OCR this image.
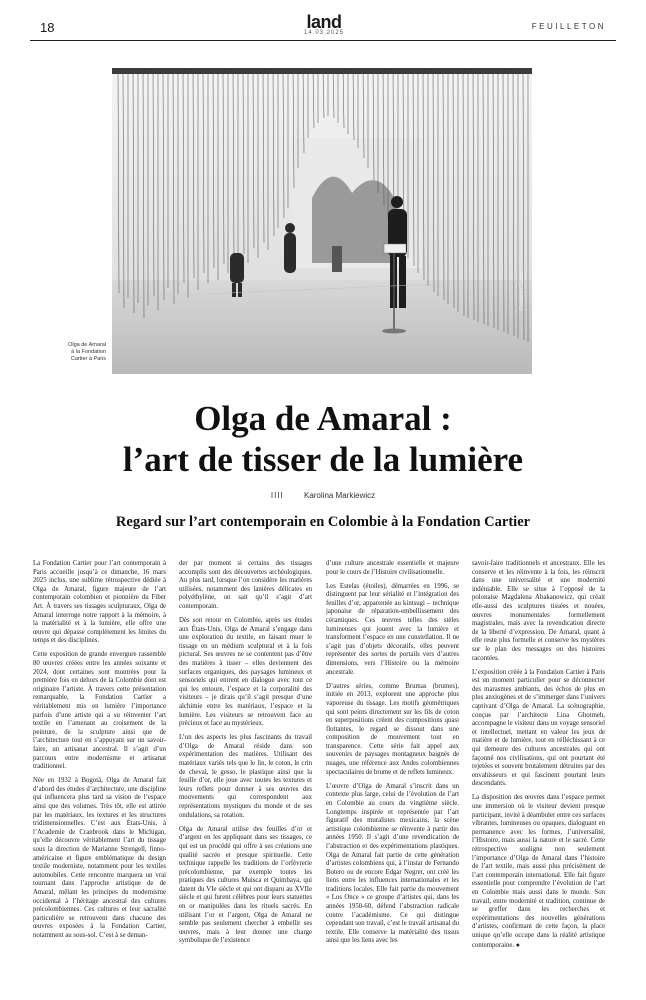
18	land
14.03.2025
FEUILLETON
Fondation Cartier
Olga de Amaral à la Fondation Cartier à Paris
Olga de Amaral :
l’art de tisser de la lumière
IIII	Karolina Markiewicz
Regard sur l’art contemporain en Colombie à la Fondation Cartier

La Fondation Cartier pour l’art contemporain à Paris accueille jusqu’à ce dimanche, 16 mars 2025 inclus, une sublime rétrospective dédiée à Olga de Amaral, figure majeure de l’art contemporain colombien et pionnière du Fiber Art. À travers ses tissages sculpturaux, Olga de Amaral interroge notre rapport à la mémoire, à la matérialité et à la lumière, elle offre une œuvre qui dépasse complètement les limites du temps et des disciplines.

Cette exposition de grande envergure rassemble 80 œuvres créées entre les années soixante et 2024, dont certaines sont montrées pour la première fois en dehors de la Colombie dont est originaire l’artiste. À travers cette présentation remarquable, la Fondation Cartier a véritablement mis en lumière l’importance parfois d’une artiste qui a su réinventer l’art textile en l’amenant au croisement de la peinture, de la sculpture ainsi que de l’architecture tout en s’appuyant sur un savoir-faire, un artisanat ancestral. Il s’agit d’un parcours entre modernisme et artisanat traditionnel.

Née en 1932 à Bogotá, Olga de Amaral fait d’abord des études d’architecture, une discipline qui influencera plus tard sa vision de l’espace ainsi que des volumes. Très tôt, elle est attirée par les matériaux, les textures et les structures tridimensionnelles. C’est aux États-Unis, à l’Academie de Cranbrook dans le Michigan, qu’elle découvre véritablement l’art du tissage sous la direction de Marianne Strengell, finno-américaine et figure emblématique du design textile moderniste, notamment pour les textiles automobiles. Cette rencontre marquera un vrai tournant dans l’approche artistique de de Amaral, mêlant les principes du modernisme occidental à l’héritage ancestral des cultures précolombiennes. Ces cultures et leur sacralité particulière se retrouvent dans chacune des œuvres exposées à la Fondation Cartier, notamment au sous-sol. C’est à se deman-

der par moment si certains des tissages accomplis sont des découvertes archéologiques. Au plus tard, lorsque l’on considère les matières utilisées, notamment des lanières délicates en polyéthylène, on sait qu’il s’agit d’art contemporain.

Dès son retour en Colombie, après ses études aux États-Unis, Olga de Amaral s’engage dans une exploration du textile, en faisant muer le tissage en un médium sculptural et à la fois pictural. Ses œuvres ne se contentent pas d’être des matières à tisser – elles deviennent des surfaces organiques, des paysages lumineux et sensoriels qui entrent en dialogue avec tout ce qui les entoure, l’espace et la corporalité des visiteurs – je dirais qu’il s’agit presque d’une alchimie entre les matériaux, l’espace et la lumière. Les visiteurs se retrouvent face au précieux et face au mystérieux.

L’un des aspects les plus fascinants du travail d’Olga de Amaral réside dans son expérimentation des matières. Utilisant des matériaux variés tels que le lin, le coton, le crin de cheval, le gesso, le plastique ainsi que la feuille d’or, elle joue avec toutes les textures et leurs reflets pour donner à ses œuvres des mouvements qui correspondent aux représentations mystiques du monde et de ses ondulations, sa rotation.

Olga de Amaral utilise des feuilles d’or et d’argent en les appliquant dans ses tissages, ce qui est un procédé qui offre à ses créations une qualité sacrée et presque spirituelle. Cette technique rappelle les traditions de l’orfèvrerie précolombienne, par exemple toutes les pratiques des cultures Muisca et Quimbaya, qui datent du VIe siècle et qui ont disparu au XVIIe siècle et qui furent célèbres pour leurs statuettes en or manipulées dans les rituels sacrés. En utilisant l’or et l’argent, Olga de Amaral ne semble pas seulement chercher à embellir ses œuvres, mais à leur donner une charge symbolique de l’existence

d’une culture ancestrale essentielle et majeure pour le cours de l’Histoire civilisationnelle.

Les Estelas (étoiles), démarrées en 1996, se distinguent par leur sérialité et l’intégration des feuilles d’or, apparentée au kintsugi – technique japonaise de réparation-embellissement des céramiques. Ces œuvres telles des stèles lumineuses qui jouent avec la lumière et transforment l’espace en une constellation. Il ne s’agit pas d’objets décoratifs, elles peuvent représenter des sortes de portails vers d’autres dimensions, vers l’Histoire ou la mémoire ancestrale.

D’autres séries, comme Brumas (brumes), initiée en 2013, explorent une approche plus vaporeuse du tissage. Les motifs géométriques qui sont peints directement sur les fils de coton en superpositions créent des compositions quasi flottantes, le regard se dissout dans une composition de mouvement tout en transparence. Cette série fait appel aux souvenirs de paysages montagneux baignés de nuages, une référence aux Andes colombiennes spectaculaires de brume et de reflets lumineux.

L’œuvre d’Olga de Amaral s’inscrit dans un contexte plus large, celui de l’évolution de l’art en Colombie au cours du vingtième siècle. Longtemps inspirée et représentée par l’art figuratif des muralistes mexicains, la scène artistique colombienne se réinvente à partir des années 1950. Il s’agit d’une revendication de l’abstraction et des expérimentations plastiques. Olga de Amaral fait partie de cette génération d’artistes colombiens qui, à l’instar de Fernando Botero ou de encore Edgar Negret, ont créé les liens entre les influences internationales et les traditions locales. Elle fait partie du mouvement « Los Once » ce groupe d’artistes qui, dans les années 1950-60, défend l’abstraction radicale contre l’académisme. Ce qui distingue cependant son travail, c’est le travail artisanal du textile. Elle conserve la matérialité des tissus ainsi que les liens avec les

savoir-faire traditionnels et ancestraux. Elle les conserve et les réinvente à la fois, les réinscrit dans une universalité et une modernité indéniable. Elle se situe à l’opposé de la polonaise Magdalena Abakanowicz, qui créait elle-aussi des sculptures tissées et nouées, œuvres monumentales formellement magistrales, mais avec la revendication directe de la liberté d’expression. De Amaral, quant à elle reste plus formelle et conserve les mystères sur le plan des messages ou des histoires racontées.

L’exposition créée à la Fondation Cartier à Paris est un moment particulier pour se déconnecter des marasmes ambiants, des échos de plus en plus anxiogènes et de s’immerger dans l’univers captivant d’Olga de Amaral. La scénographie, conçue par l’architecte Lina Ghotmeh, accompagne le visiteur dans un voyage sensoriel et intellectuel, mettant en valeur les jeux de matière et de lumière, tout en réfléchissant à ce qui demeure des cultures ancestrales qui ont façonné nos civilisations, qui ont pourtant été rejetées et souvent brutalement détruites par des envahisseurs et qui fascinent pourtant leurs descendants.

La disposition des œuvres dans l’espace permet une immersion où le visiteur devient presque participant, invité à déambuler entre ces surfaces vibrantes, lumineuses ou opaques, dialoguant en permanence avec les formes, l’universalité, l’Histoire, mais aussi la nature et le sacré. Cette rétrospective souligne non seulement l’importance d’Olga de Amaral dans l’histoire de l’art textile, mais aussi plus précisément de l’art contemporain international. Elle fait figure essentielle pour comprendre l’évolution de l’art en Colombie mais aussi dans le monde. Son travail, entre modernité et tradition, continue de se greffer dans les recherches et expérimentations des nouvelles générations d’artistes, confirmant de cette façon, la place unique qu’elle occupe dans la réalité artistique contemporaine. ●
